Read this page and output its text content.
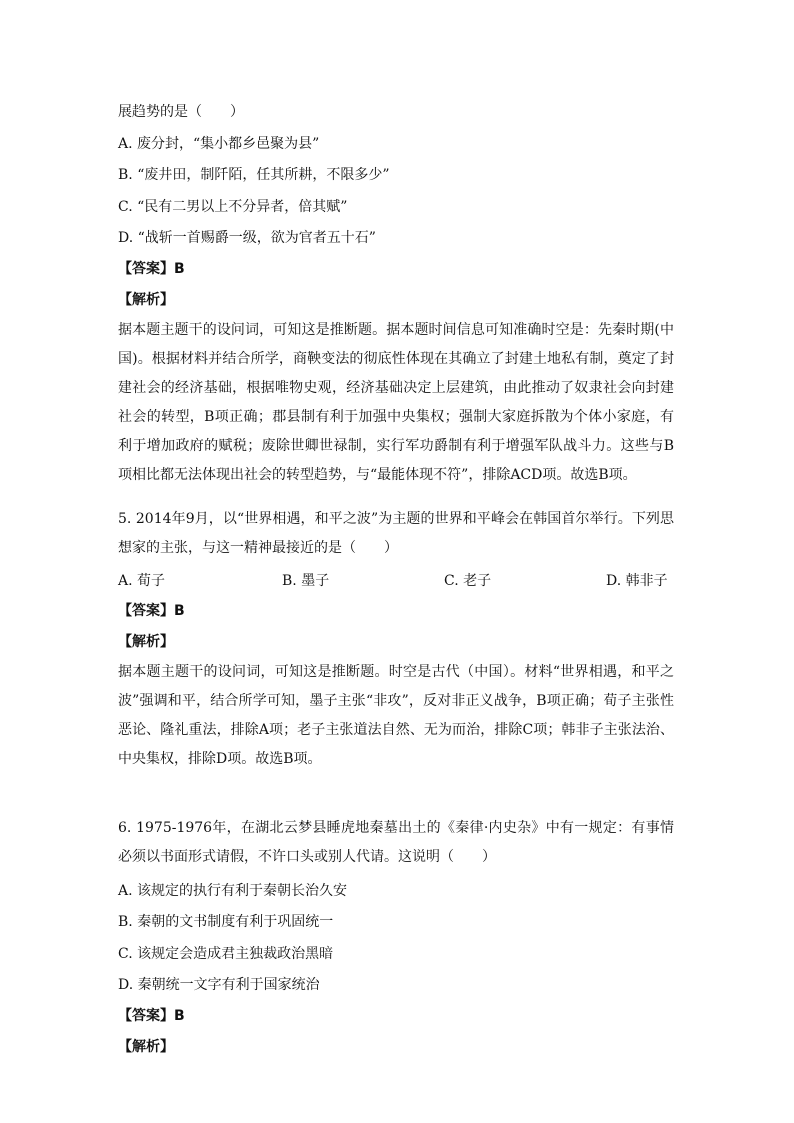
展趋势的是（　　）
A. 废分封，“集小都乡邑聚为县”
B. “废井田，制阡陌，任其所耕，不限多少”
C. “民有二男以上不分异者，倍其赋”
D. “战斩一首赐爵一级，欲为官者五十石”
【答案】B
【解析】
据本题主题干的设问词，可知这是推断题。据本题时间信息可知准确时空是：先秦时期(中国)。根据材料并结合所学，商鞅变法的彻底性体现在其确立了封建土地私有制，奠定了封建社会的经济基础，根据唯物史观，经济基础决定上层建筑，由此推动了奴隶社会向封建社会的转型，B项正确；郡县制有利于加强中央集权；强制大家庭拆散为个体小家庭，有利于增加政府的赋税；废除世卿世禄制，实行军功爵制有利于增强军队战斗力。这些与B项相比都无法体现出社会的转型趋势，与“最能体现不符”，排除ACD项。故选B项。
5. 2014年9月，以“世界相遇，和平之波”为主题的世界和平峰会在韩国首尔举行。下列思想家的主张，与这一精神最接近的是（　　）
A. 荀子	B. 墨子	C. 老子	D. 韩非子
【答案】B
【解析】
据本题主题干的设问词，可知这是推断题。时空是古代（中国）。材料“世界相遇，和平之波”强调和平，结合所学可知，墨子主张“非攻”，反对非正义战争，B项正确；荀子主张性恶论、隆礼重法，排除A项；老子主张道法自然、无为而治，排除C项；韩非子主张法治、中央集权，排除D项。故选B项。
6. 1975-1976年，在湖北云梦县睡虎地秦墓出土的《秦律·内史杂》中有一规定：有事情必须以书面形式请假，不许口头或别人代请。这说明（　　）
A. 该规定的执行有利于秦朝长治久安
B. 秦朝的文书制度有利于巩固统一
C. 该规定会造成君主独裁政治黑暗
D. 秦朝统一文字有利于国家统治
【答案】B
【解析】
